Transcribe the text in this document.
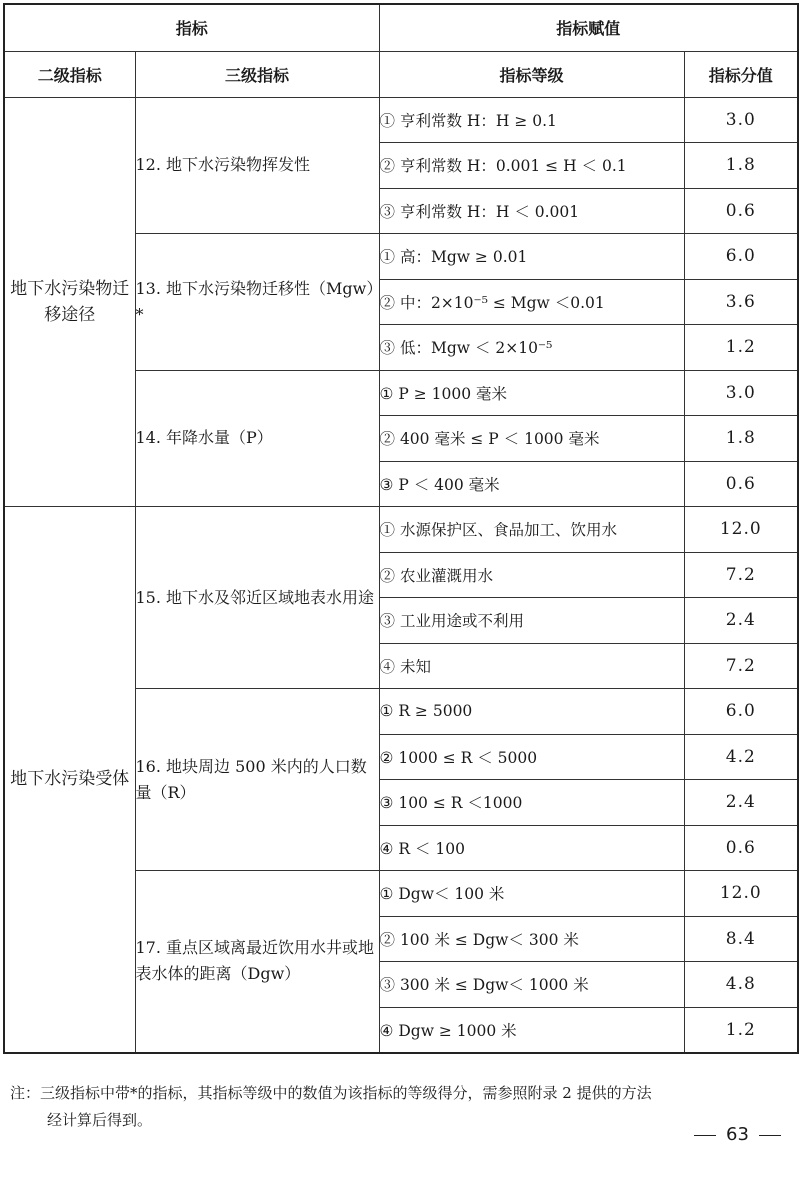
指标		指标赋值	
二级指标	三级指标	指标等级	指标分值
地下水污染物迁移途径	12. 地下水污染物挥发性	① 亨利常数 H：H ≥ 0.1	3.0
		② 亨利常数 H：0.001 ≤ H ＜ 0.1	1.8
		③ 亨利常数 H：H ＜ 0.001	0.6
	13. 地下水污染物迁移性（Mgw）*	① 高：Mgw ≥ 0.01	6.0
		② 中：2×10⁻⁵ ≤ Mgw ＜0.01	3.6
		③ 低：Mgw ＜ 2×10⁻⁵	1.2
	14. 年降水量（P）	① P ≥ 1000 毫米	3.0
		② 400 毫米 ≤ P ＜ 1000 毫米	1.8
		③ P ＜ 400 毫米	0.6
地下水污染受体	15. 地下水及邻近区域地表水用途	① 水源保护区、食品加工、饮用水	12.0
		② 农业灌溉用水	7.2
		③ 工业用途或不利用	2.4
		④ 未知	7.2
	16. 地块周边 500 米内的人口数量（R）	① R ≥ 5000	6.0
		② 1000 ≤ R ＜ 5000	4.2
		③ 100 ≤ R ＜1000	2.4
		④ R ＜ 100	0.6
	17. 重点区域离最近饮用水井或地表水体的距离（Dgw）	① Dgw＜ 100 米	12.0
		② 100 米 ≤ Dgw＜ 300 米	8.4
		③ 300 米 ≤ Dgw＜ 1000 米	4.8
		④ Dgw ≥ 1000 米	1.2
注：三级指标中带*的指标，其指标等级中的数值为该指标的等级得分，需参照附录 2 提供的方法
经计算后得到。
63
